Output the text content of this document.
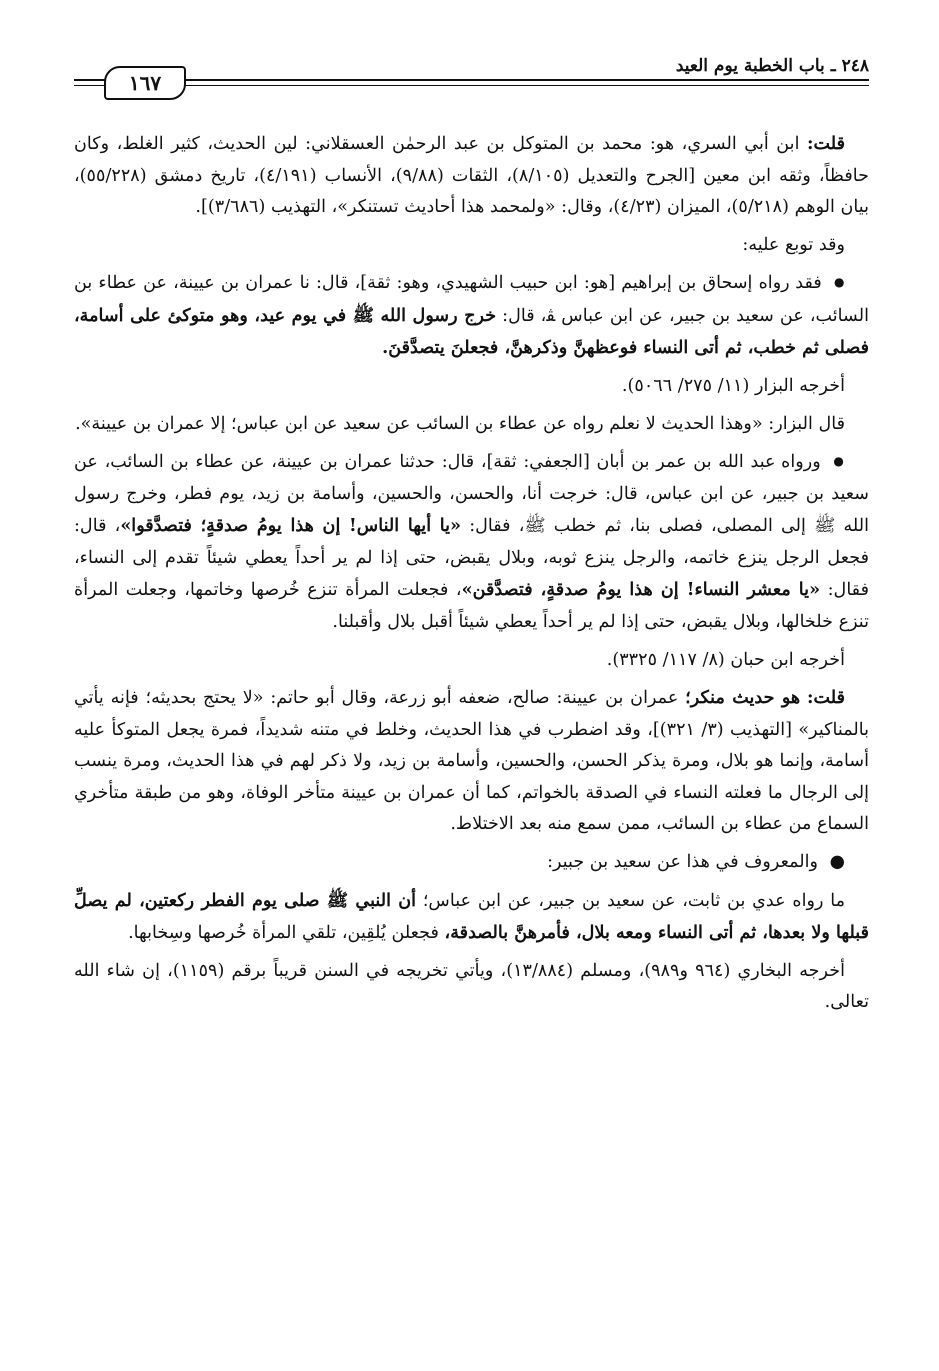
٢٤٨ ـ باب الخطبة يوم العيد
١٦٧

قلت: ابن أبي السري، هو: محمد بن المتوكل بن عبد الرحمٰن العسقلاني: لين الحديث، كثير الغلط، وكان حافظاً، وثقه ابن معين [الجرح والتعديل (٨/١٠٥)، الثقات (٩/٨٨)، الأنساب (٤/١٩١)، تاريخ دمشق (٥٥/٢٢٨)، بيان الوهم (٥/٢١٨)، الميزان (٤/٢٣)، وقال: «ولمحمد هذا أحاديث تستنكر»، التهذيب (٣/٦٨٦)].

وقد توبع عليه:

● فقد رواه إسحاق بن إبراهيم [هو: ابن حبيب الشهيدي، وهو: ثقة]، قال: نا عمران بن عيينة، عن عطاء بن السائب، عن سعيد بن جبير، عن ابن عباس ﭭ، قال: خرج رسول الله ﷺ في يوم عيد، وهو متوكئ على أسامة، فصلى ثم خطب، ثم أتى النساء فوعظهنَّ وذكرهنَّ، فجعلنَ يتصدَّقنَ.

أخرجه البزار (١١/ ٢٧٥/ ٥٠٦٦).

قال البزار: «وهذا الحديث لا نعلم رواه عن عطاء بن السائب عن سعيد عن ابن عباس؛ إلا عمران بن عيينة».

● ورواه عبد الله بن عمر بن أبان [الجعفي: ثقة]، قال: حدثنا عمران بن عيينة، عن عطاء بن السائب، عن سعيد بن جبير، عن ابن عباس، قال: خرجت أنا، والحسن، والحسين، وأسامة بن زيد، يوم فطر، وخرج رسول الله ﷺ إلى المصلى، فصلى بنا، ثم خطب ﷺ، فقال: «يا أيها الناس! إن هذا يومُ صدقةٍ؛ فتصدَّقوا»، قال: فجعل الرجل ينزع خاتمه، والرجل ينزع ثوبه، وبلال يقبض، حتى إذا لم ير أحداً يعطي شيئاً تقدم إلى النساء، فقال: «يا معشر النساء! إن هذا يومُ صدقةٍ، فتصدَّقن»، فجعلت المرأة تنزع خُرصها وخاتمها، وجعلت المرأة تنزع خلخالها، وبلال يقبض، حتى إذا لم ير أحداً يعطي شيئاً أقبل بلال وأقبلنا.

أخرجه ابن حبان (٨/ ١١٧/ ٣٣٢٥).

قلت: هو حديث منكر؛ عمران بن عيينة: صالح، ضعفه أبو زرعة، وقال أبو حاتم: «لا يحتج بحديثه؛ فإنه يأتي بالمناكير» [التهذيب (٣/ ٣٢١)]، وقد اضطرب في هذا الحديث، وخلط في متنه شديداً، فمرة يجعل المتوكأ عليه أسامة، وإنما هو بلال، ومرة يذكر الحسن، والحسين، وأسامة بن زيد، ولا ذكر لهم في هذا الحديث، ومرة ينسب إلى الرجال ما فعلته النساء في الصدقة بالخواتم، كما أن عمران بن عيينة متأخر الوفاة، وهو من طبقة متأخري السماع من عطاء بن السائب، ممن سمع منه بعد الاختلاط.

● والمعروف في هذا عن سعيد بن جبير:

ما رواه عدي بن ثابت، عن سعيد بن جبير، عن ابن عباس؛ أن النبي ﷺ صلى يوم الفطر ركعتين، لم يصلِّ قبلها ولا بعدها، ثم أتى النساء ومعه بلال، فأمرهنَّ بالصدقة، فجعلن يُلقِين، تلقي المرأة خُرصها وسِخابها.

أخرجه البخاري (٩٦٤ و٩٨٩)، ومسلم (١٣/٨٨٤)، ويأتي تخريجه في السنن قريباً برقم (١١٥٩)، إن شاء الله تعالى.
